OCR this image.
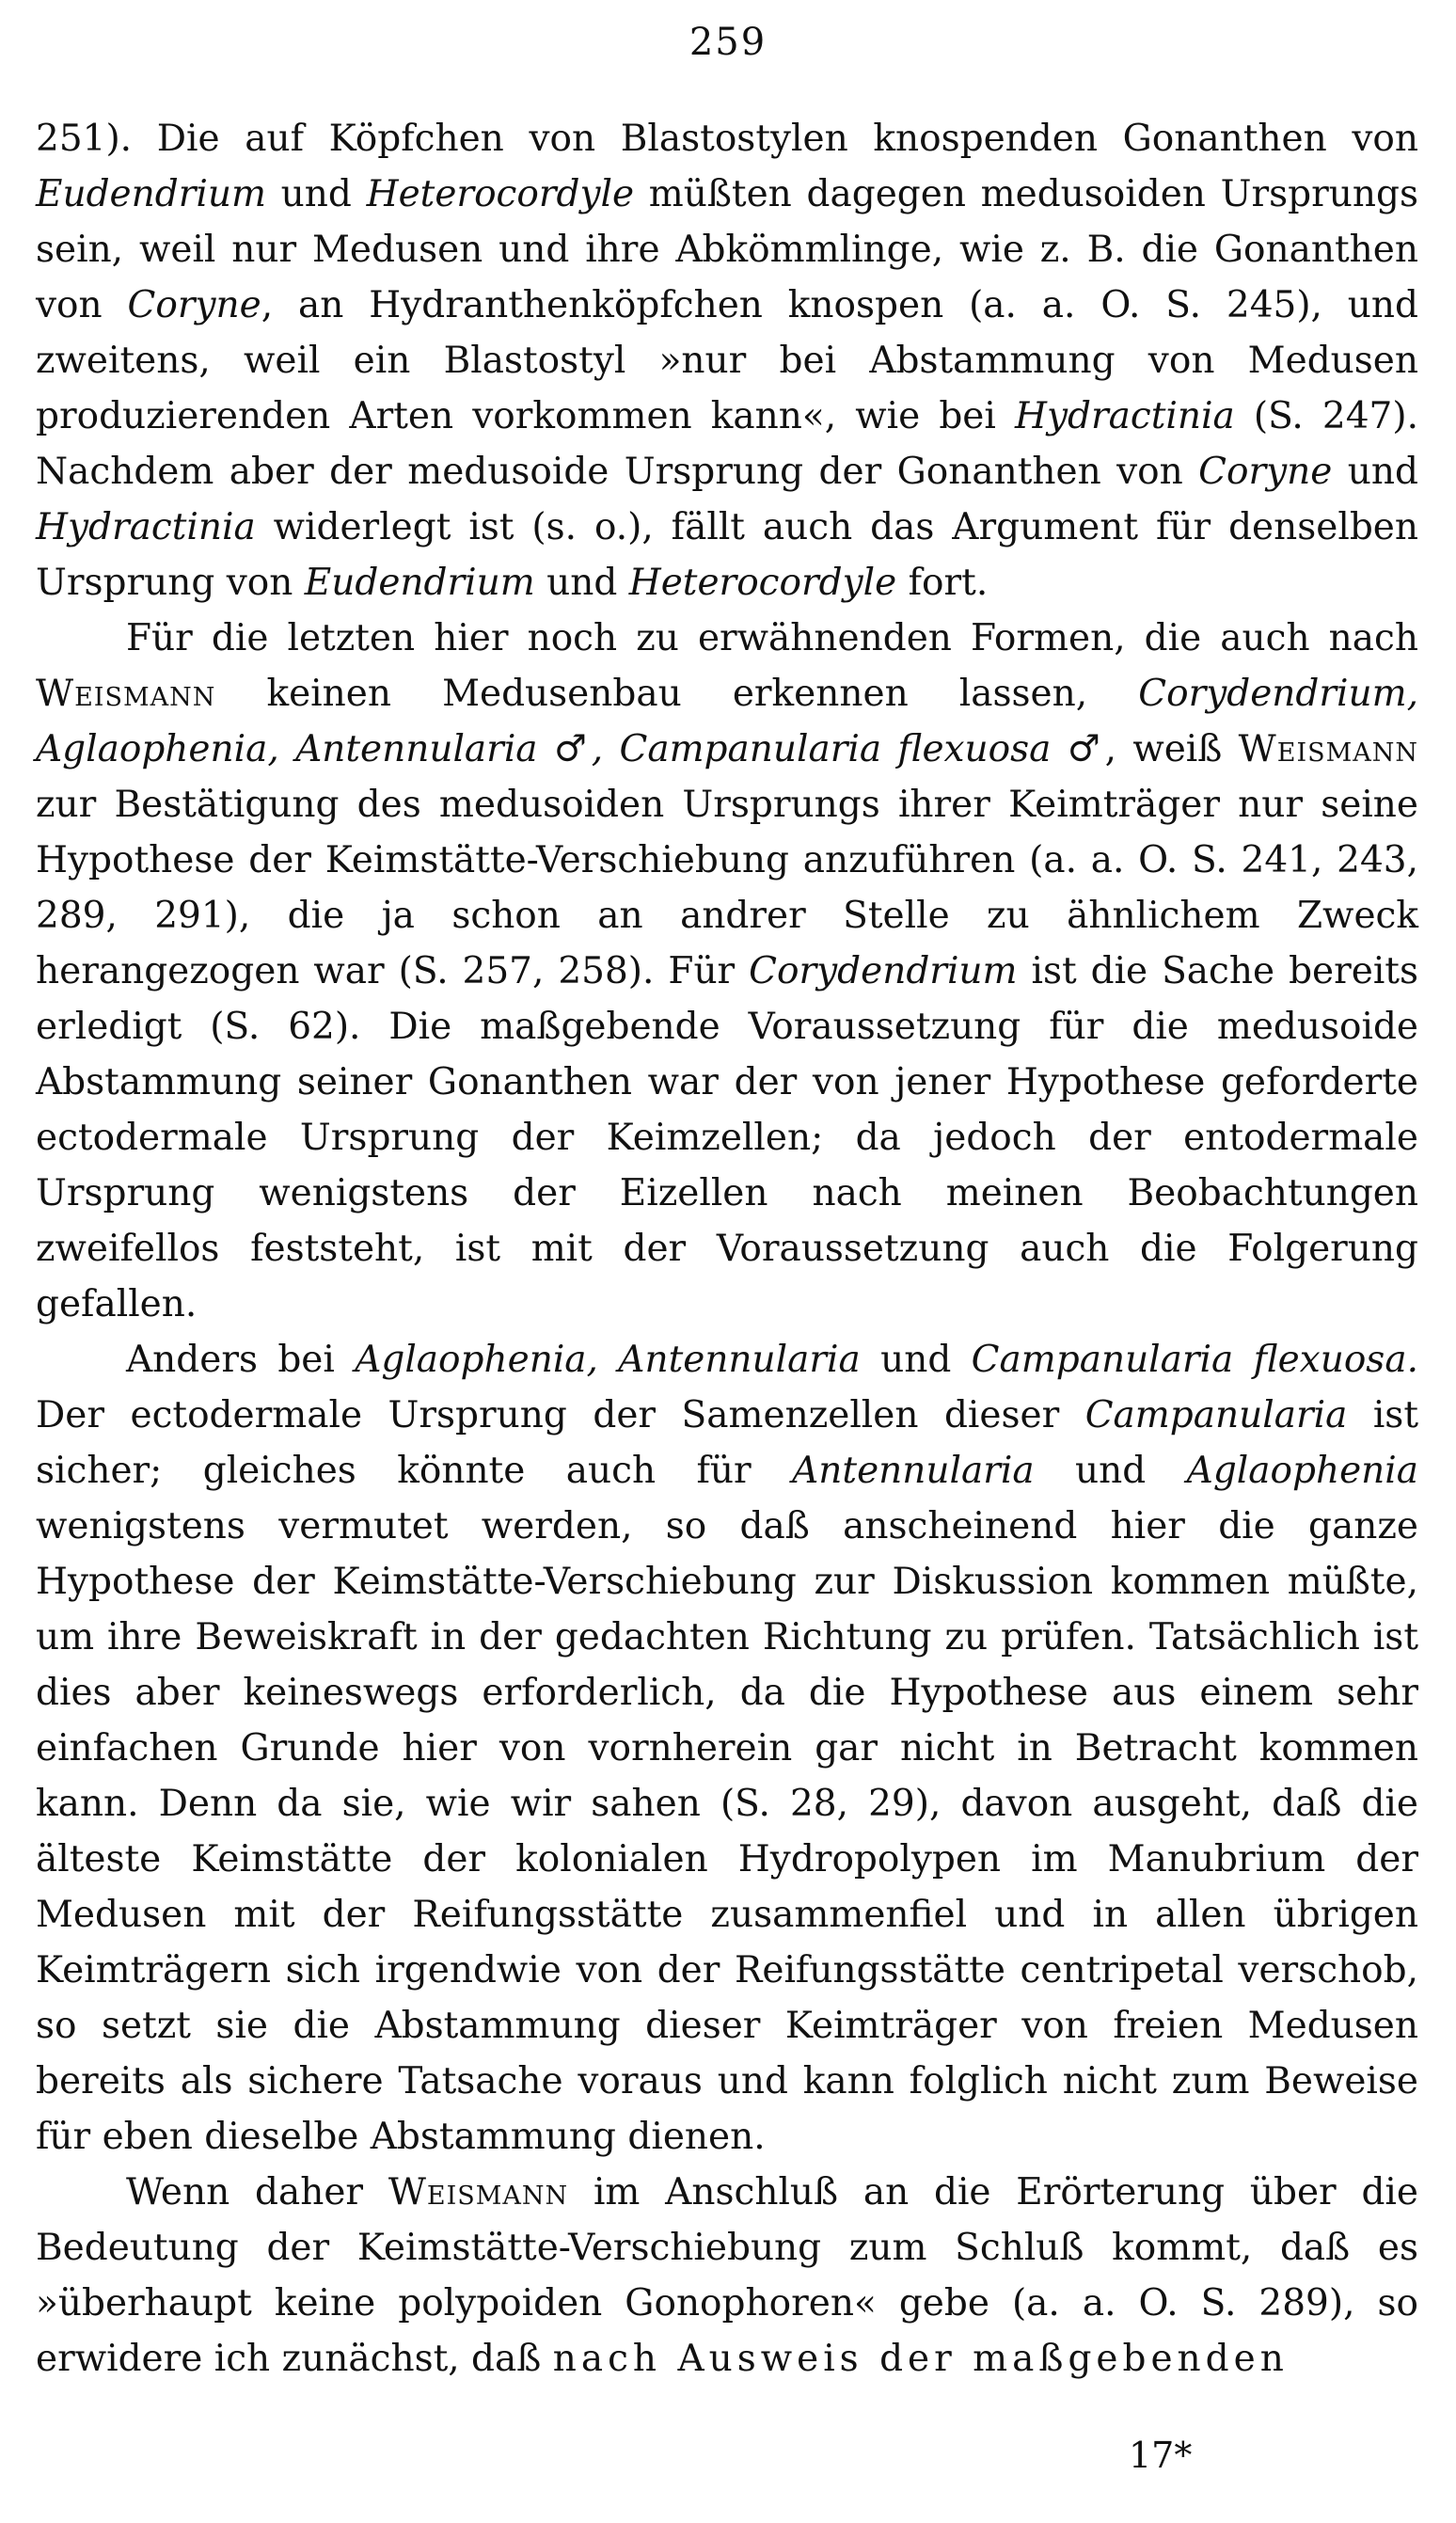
259

251). Die auf Köpfchen von Blastostylen knospenden Gonanthen von Eudendrium und Heterocordyle müßten dagegen medusoiden Ursprungs sein, weil nur Medusen und ihre Abkömmlinge, wie z. B. die Gonanthen von Coryne, an Hydranthenköpfchen knospen (a. a. O. S. 245), und zweitens, weil ein Blastostyl »nur bei Abstammung von Medusen produzierenden Arten vorkommen kann«, wie bei Hydractinia (S. 247). Nachdem aber der medusoide Ursprung der Gonanthen von Coryne und Hydractinia widerlegt ist (s. o.), fällt auch das Argument für denselben Ursprung von Eudendrium und Heterocordyle fort.

Für die letzten hier noch zu erwähnenden Formen, die auch nach Weismann keinen Medusenbau erkennen lassen, Corydendrium, Aglaophenia, Antennularia ♂, Campanularia flexuosa ♂, weiß Weismann zur Bestätigung des medusoiden Ursprungs ihrer Keimträger nur seine Hypothese der Keimstätte-Verschiebung anzuführen (a. a. O. S. 241, 243, 289, 291), die ja schon an andrer Stelle zu ähnlichem Zweck herangezogen war (S. 257, 258). Für Corydendrium ist die Sache bereits erledigt (S. 62). Die maßgebende Voraussetzung für die medusoide Abstammung seiner Gonanthen war der von jener Hypothese geforderte ectodermale Ursprung der Keimzellen; da jedoch der entodermale Ursprung wenigstens der Eizellen nach meinen Beobachtungen zweifellos feststeht, ist mit der Voraussetzung auch die Folgerung gefallen.

Anders bei Aglaophenia, Antennularia und Campanularia flexuosa. Der ectodermale Ursprung der Samenzellen dieser Campanularia ist sicher; gleiches könnte auch für Antennularia und Aglaophenia wenigstens vermutet werden, so daß anscheinend hier die ganze Hypothese der Keimstätte-Verschiebung zur Diskussion kommen müßte, um ihre Beweiskraft in der gedachten Richtung zu prüfen. Tatsächlich ist dies aber keineswegs erforderlich, da die Hypothese aus einem sehr einfachen Grunde hier von vornherein gar nicht in Betracht kommen kann. Denn da sie, wie wir sahen (S. 28, 29), davon ausgeht, daß die älteste Keimstätte der kolonialen Hydropolypen im Manubrium der Medusen mit der Reifungsstätte zusammenfiel und in allen übrigen Keimträgern sich irgendwie von der Reifungsstätte centripetal verschob, so setzt sie die Abstammung dieser Keimträger von freien Medusen bereits als sichere Tatsache voraus und kann folglich nicht zum Beweise für eben dieselbe Abstammung dienen.

Wenn daher Weismann im Anschluß an die Erörterung über die Bedeutung der Keimstätte-Verschiebung zum Schluß kommt, daß es »überhaupt keine polypoiden Gonophoren« gebe (a. a. O. S. 289), so erwidere ich zunächst, daß nach Ausweis der maßgebenden

17*
